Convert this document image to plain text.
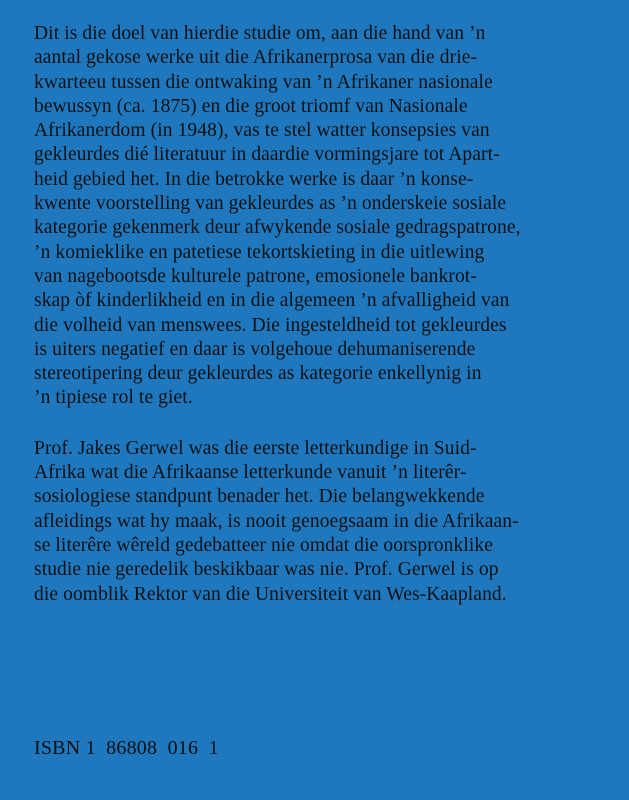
Dit is die doel van hierdie studie om, aan die hand van ’n
aantal gekose werke uit die Afrikanerprosa van die drie-
kwarteeu tussen die ontwaking van ’n Afrikaner nasionale
bewussyn (ca. 1875) en die groot triomf van Nasionale
Afrikanerdom (in 1948), vas te stel watter konsepsies van
gekleurdes dié literatuur in daardie vormingsjare tot Apart-
heid gebied het. In die betrokke werke is daar ’n konse-
kwente voorstelling van gekleurdes as ’n onderskeie sosiale
kategorie gekenmerk deur afwykende sosiale gedragspatrone,
’n komieklike en patetiese tekortskieting in die uitlewing
van nagebootsde kulturele patrone, emosionele bankrot-
skap òf kinderlikheid en in die algemeen ’n afvalligheid van
die volheid van menswees. Die ingesteldheid tot gekleurdes
is uiters negatief en daar is volgehoue dehumaniserende
stereotipering deur gekleurdes as kategorie enkellynig in
’n tipiese rol te giet.
Prof. Jakes Gerwel was die eerste letterkundige in Suid-
Afrika wat die Afrikaanse letterkunde vanuit ’n literêr-
sosiologiese standpunt benader het. Die belangwekkende
afleidings wat hy maak, is nooit genoegsaam in die Afrikaan-
se literêre wêreld gedebatteer nie omdat die oorspronklike
studie nie geredelik beskikbaar was nie. Prof. Gerwel is op
die oomblik Rektor van die Universiteit van Wes-Kaapland.
ISBN 1  86808  016  1
